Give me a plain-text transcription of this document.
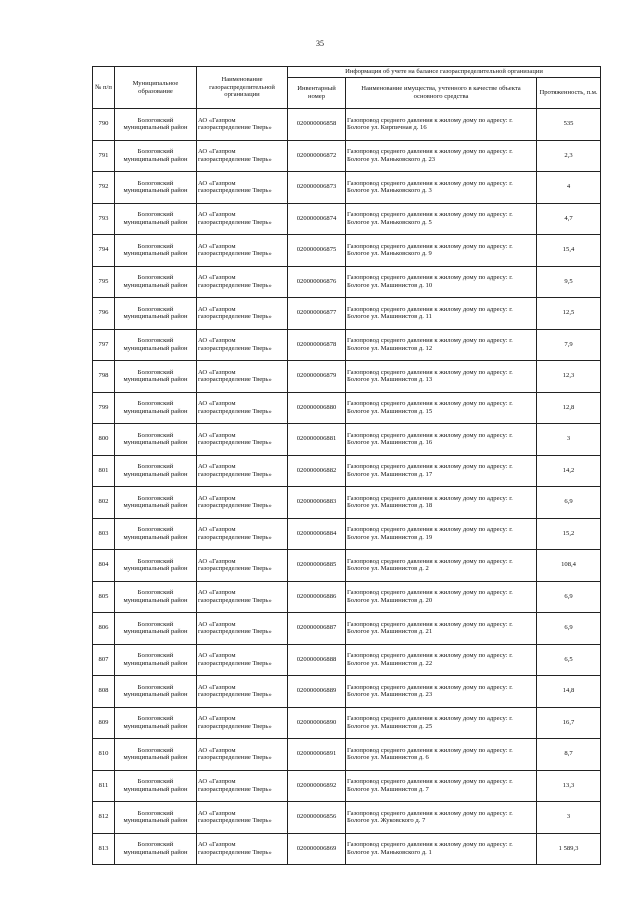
35
№ п/п	Муниципальное образование	Наименование газораспределительной организации	Информация об учете на балансе газораспределительной организации		
			Инвентарный номер	Наименование имущества, учтенного в качестве объекта основного средства	Протяженность, п.м.
790	Бологовский муниципальный район	АО «Газпром газораспределение Тверь»	020000006858	Газопровод среднего давления к жилому дому по адресу: г. Бологое ул. Кирпичная д. 16	535
791	Бологовский муниципальный район	АО «Газпром газораспределение Тверь»	020000006872	Газопровод среднего давления к жилому дому по адресу: г. Бологое ул. Маньковского д. 23	2,3
792	Бологовский муниципальный район	АО «Газпром газораспределение Тверь»	020000006873	Газопровод среднего давления к жилому дому по адресу: г. Бологое ул. Маньковского д. 3	4
793	Бологовский муниципальный район	АО «Газпром газораспределение Тверь»	020000006874	Газопровод среднего давления к жилому дому по адресу: г. Бологое ул. Маньковского д. 5	4,7
794	Бологовский муниципальный район	АО «Газпром газораспределение Тверь»	020000006875	Газопровод среднего давления к жилому дому по адресу: г. Бологое ул. Маньковского д. 9	15,4
795	Бологовский муниципальный район	АО «Газпром газораспределение Тверь»	020000006876	Газопровод среднего давления к жилому дому по адресу: г. Бологое ул. Машинистов д. 10	9,5
796	Бологовский муниципальный район	АО «Газпром газораспределение Тверь»	020000006877	Газопровод среднего давления к жилому дому по адресу: г. Бологое ул. Машинистов д. 11	12,5
797	Бологовский муниципальный район	АО «Газпром газораспределение Тверь»	020000006878	Газопровод среднего давления к жилому дому по адресу: г. Бологое ул. Машинистов д. 12	7,9
798	Бологовский муниципальный район	АО «Газпром газораспределение Тверь»	020000006879	Газопровод среднего давления к жилому дому по адресу: г. Бологое ул. Машинистов д. 13	12,3
799	Бологовский муниципальный район	АО «Газпром газораспределение Тверь»	020000006880	Газопровод среднего давления к жилому дому по адресу: г. Бологое ул. Машинистов д. 15	12,8
800	Бологовский муниципальный район	АО «Газпром газораспределение Тверь»	020000006881	Газопровод среднего давления к жилому дому по адресу: г. Бологое ул. Машинистов д. 16	3
801	Бологовский муниципальный район	АО «Газпром газораспределение Тверь»	020000006882	Газопровод среднего давления к жилому дому по адресу: г. Бологое ул. Машинистов д. 17	14,2
802	Бологовский муниципальный район	АО «Газпром газораспределение Тверь»	020000006883	Газопровод среднего давления к жилому дому по адресу: г. Бологое ул. Машинистов д. 18	6,9
803	Бологовский муниципальный район	АО «Газпром газораспределение Тверь»	020000006884	Газопровод среднего давления к жилому дому по адресу: г. Бологое ул. Машинистов д. 19	15,2
804	Бологовский муниципальный район	АО «Газпром газораспределение Тверь»	020000006885	Газопровод среднего давления к жилому дому по адресу: г. Бологое ул. Машинистов д. 2	108,4
805	Бологовский муниципальный район	АО «Газпром газораспределение Тверь»	020000006886	Газопровод среднего давления к жилому дому по адресу: г. Бологое ул. Машинистов д. 20	6,9
806	Бологовский муниципальный район	АО «Газпром газораспределение Тверь»	020000006887	Газопровод среднего давления к жилому дому по адресу: г. Бологое ул. Машинистов д. 21	6,9
807	Бологовский муниципальный район	АО «Газпром газораспределение Тверь»	020000006888	Газопровод среднего давления к жилому дому по адресу: г. Бологое ул. Машинистов д. 22	6,5
808	Бологовский муниципальный район	АО «Газпром газораспределение Тверь»	020000006889	Газопровод среднего давления к жилому дому по адресу: г. Бологое ул. Машинистов д. 23	14,8
809	Бологовский муниципальный район	АО «Газпром газораспределение Тверь»	020000006890	Газопровод среднего давления к жилому дому по адресу: г. Бологое ул. Машинистов д. 25	16,7
810	Бологовский муниципальный район	АО «Газпром газораспределение Тверь»	020000006891	Газопровод среднего давления к жилому дому по адресу: г. Бологое ул. Машинистов д. 6	8,7
811	Бологовский муниципальный район	АО «Газпром газораспределение Тверь»	020000006892	Газопровод среднего давления к жилому дому по адресу: г. Бологое ул. Машинистов д. 7	13,3
812	Бологовский муниципальный район	АО «Газпром газораспределение Тверь»	020000006856	Газопровод среднего давления к жилому дому по адресу: г. Бологое ул. Жуковского д. 7	3
813	Бологовский муниципальный район	АО «Газпром газораспределение Тверь»	020000006869	Газопровод среднего давления к жилому дому по адресу: г. Бологое ул. Маньковского д. 1	1 589,3
